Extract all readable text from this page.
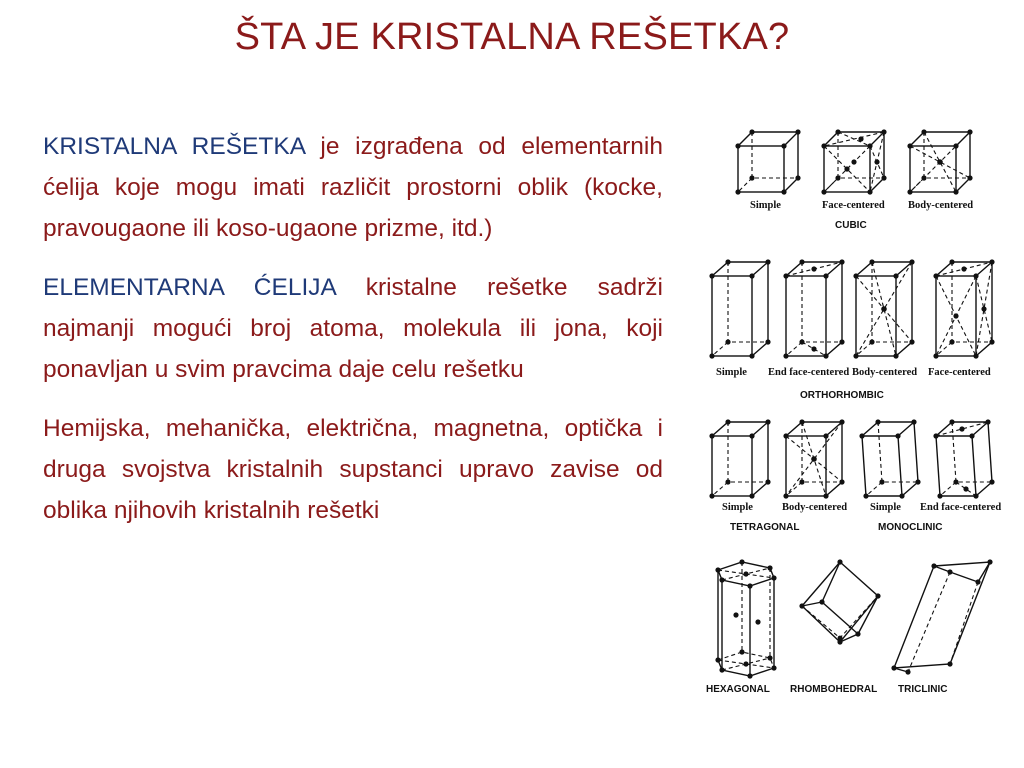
ŠTA JE KRISTALNA REŠETKA?

KRISTALNA REŠETKA je izgrađena od elementarnih ćelija koje mogu imati različit prostorni oblik (kocke, pravougaone ili koso-ugaone prizme, itd.)

ELEMENTARNA ĆELIJA kristalne rešetke sadrži najmanji mogući broj atoma, molekula ili jona, koji ponavljan u svim pravcima daje celu rešetku

Hemijska, mehanička, električna, magnetna, optička i druga svojstva kristalnih supstanci upravo zavise od oblika njihovih kristalnih rešetki

Simple	Face-centered Body-centered
CUBIC
Simple End face-centered Body-centered Face-centered
ORTHORHOMBIC
Simple	Body-centered Simple End face-centered
TETRAGONAL	MONOCLINIC
HEXAGONAL RHOMBOHEDRAL TRICLINIC
